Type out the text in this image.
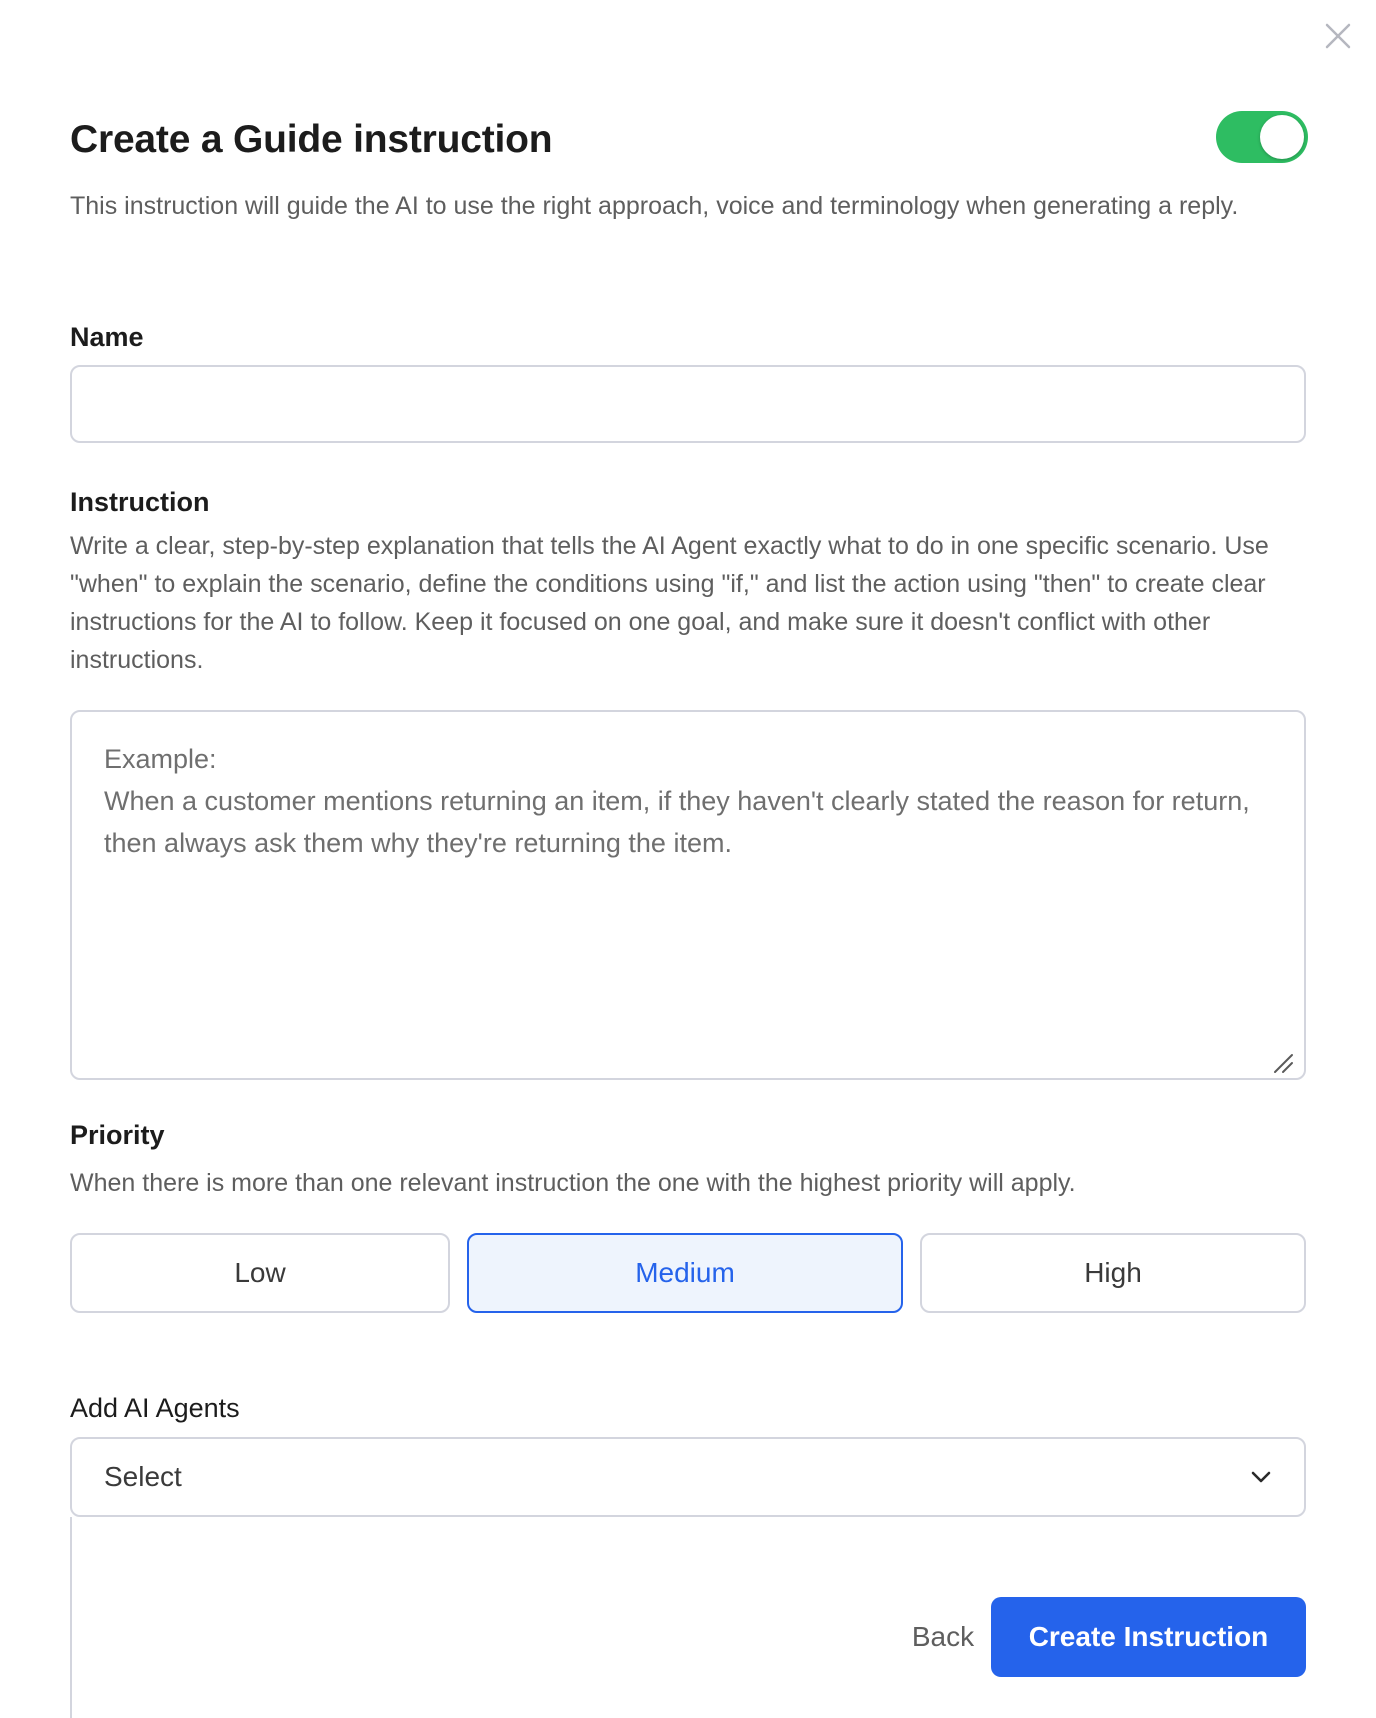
Create a Guide instruction

This instruction will guide the AI to use the right approach, voice and terminology when generating a reply.

Name

Instruction

Write a clear, step-by-step explanation that tells the AI Agent exactly what to do in one specific scenario. Use "when" to explain the scenario, define the conditions using "if," and list the action using "then" to create clear instructions for the AI to follow. Keep it focused on one goal, and make sure it doesn't conflict with other instructions.

Example: When a customer mentions returning an item, if they haven't clearly stated the reason for return, then always ask them why they're returning the item.

Priority

When there is more than one relevant instruction the one with the highest priority will apply.

Low	Medium	High

Add AI Agents

Select
Back	Create Instruction
